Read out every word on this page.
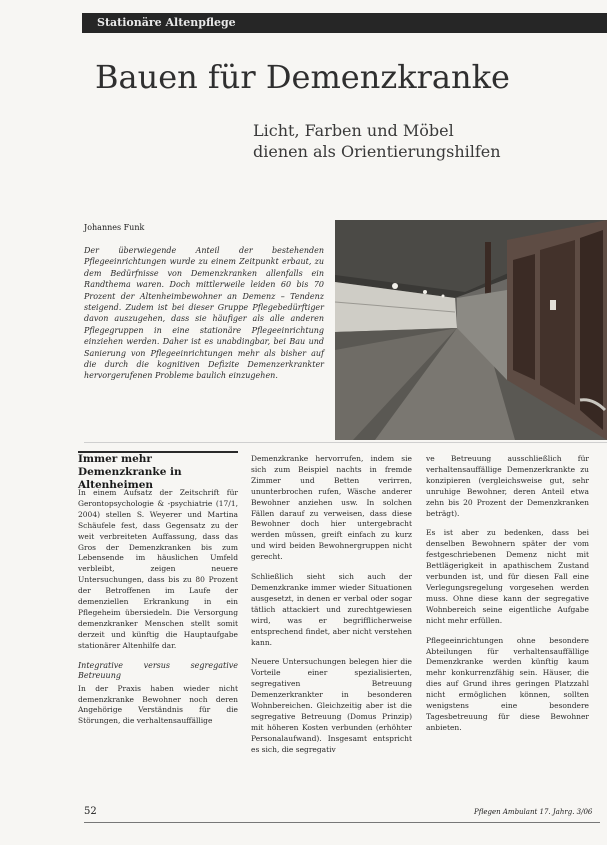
Stationäre Altenpflege
Bauen für Demenzkranke
Licht, Farben und Möbel
dienen als Orientierungshilfen
Johannes Funk

Der überwiegende Anteil der bestehenden Pflegeeinrichtungen wurde zu einem Zeitpunkt erbaut, zu dem Bedürfnisse von Demenzkranken allenfalls ein Randthema waren. Doch mittlerweile leiden 60 bis 70 Prozent der Altenheimbewohner an Demenz – Tendenz steigend. Zudem ist bei dieser Gruppe Pflegebedürftiger davon auszugehen, dass sie häufiger als alle anderen Pflegegruppen in eine stationäre Pflegeeinrichtung einziehen werden. Daher ist es unabdingbar, bei Bau und Sanierung von Pflegeeinrichtungen mehr als bisher auf die durch die kognitiven Defizite Demenzerkrankter hervorgerufenen Probleme baulich einzugehen.

Immer mehr Demenzkranke in Altenheimen

In einem Aufsatz der Zeitschrift für Gerontopsychologie & -psychiatrie (17/1, 2004) stellen S. Weyerer und Martina Schäufele fest, dass Gegensatz zu der weit verbreiteten Auffassung, dass das Gros der Demenzkranken bis zum Lebensende im häuslichen Umfeld verbleibt, zeigen neuere Untersuchungen, dass bis zu 80 Prozent der Betroffenen im Laufe der demenziellen Erkrankung in ein Pflegeheim übersiedeln. Die Versorgung demenzkranker Menschen stellt somit derzeit und künftig die Hauptaufgabe stationärer Altenhilfe dar.

Integrative versus segregative Betreuung

In der Praxis haben wieder nicht demenzkranke Bewohner noch deren Angehörige Verständnis für die Störungen, die verhaltensauffällige

Demenzkranke hervorrufen, indem sie sich zum Beispiel nachts in fremde Zimmer und Betten verirren, ununterbrochen rufen, Wäsche anderer Bewohner anziehen usw. In solchen Fällen darauf zu verweisen, dass diese Bewohner doch hier untergebracht werden müssen, greift einfach zu kurz und wird beiden Bewohnergruppen nicht gerecht.

Schließlich sieht sich auch der Demenzkranke immer wieder Situationen ausgesetzt, in denen er verbal oder sogar tätlich attackiert und zurechtgewiesen wird, was er begrifflicherweise entsprechend findet, aber nicht verstehen kann.

Neuere Untersuchungen belegen hier die Vorteile einer spezialisierten, segregativen Betreuung Demenzerkrankter in besonderen Wohnbereichen. Gleichzeitig aber ist die segregative Betreuung (Domus Prinzip) mit höheren Kosten verbunden (erhöhter Personalaufwand). Insgesamt entspricht es sich, die segregativ

ve Betreuung ausschließlich für verhaltensauffällige Demenzerkrankte zu konzipieren (vergleichsweise gut, sehr unruhige Bewohner, deren Anteil etwa zehn bis 20 Prozent der Demenzkranken beträgt).

Es ist aber zu bedenken, dass bei denselben Bewohnern später der vom festgeschriebenen Demenz nicht mit Bettlägerigkeit in apathischem Zustand verbunden ist, und für diesen Fall eine Verlegungsregelung vorgesehen werden muss. Ohne diese kann der segregative Wohnbereich seine eigentliche Aufgabe nicht mehr erfüllen.

Pflegeeinrichtungen ohne besondere Abteilungen für verhaltensauffällige Demenzkranke werden künftig kaum mehr konkurrenzfähig sein. Häuser, die dies auf Grund ihres geringen Platzzahl nicht ermöglichen können, sollten wenigstens eine besondere Tagesbetreuung für diese Bewohner anbieten.

52	Pflegen Ambulant 17. Jahrg. 3/06
